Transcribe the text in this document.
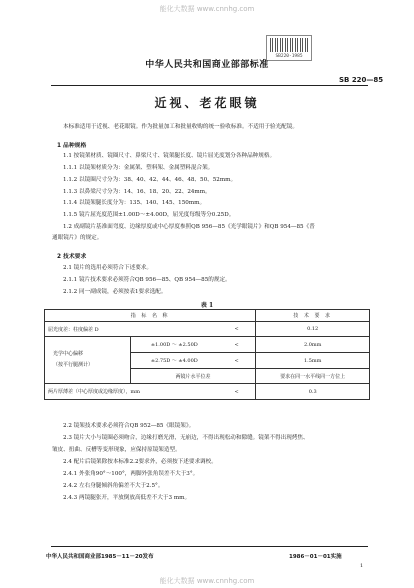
能化大数据 www.cnnhg.com
能化大数据 www.cnnhg.com
SB220-1985
中华人民共和国商业部部标准
SB 220—85
近视、老花眼镜
本标准适用于近视、老花眼镜。作为批量加工和批量收购的统一验收标准。不适用于验光配镜。
1 品种规格
1.1 按镜架材质、镜圈尺寸、鼻梁尺寸、镜架腿长度、镜片屈光度划分各种品种规格。
1.1.1 以镜架材质分为：金属架、塑料架、金属塑料混合架。
1.1.2 以镜圈尺寸分为：38、40、42、44、46、48、50、52mm。
1.1.3 以鼻梁尺寸分为：14、16、18、20、22、24mm。
1.1.4 以镜架腿长度分为：135、140、145、150mm。
1.1.5 镜片屈光度范围±1.00D～±4.00D，屈光度每级等分0.25D。
1.2 成副镜片基准面弯度、边缘厚度或中心厚度参照QB 956—85《光学眼镜片》和QB 954—85《普
通眼镜片》的规定。
2 技术要求
2.1 镜片的选用必须符合下述要求。
2.1.1 镜片技术要求必须符合QB 956—85、QB 954—85的规定。
2.1.2 同一副成镜，必须按表1要求选配。
表 1
指 标 名 称			技 术 要 求
屈光度差：柱度偏差 D		<	0.12
光学中心偏移
（按平行腿测计）	±1.00D ～ ±2.50D	<	2.0mm
	±2.75D ～ ±4.00D	<	1.5mm
	两镜片水平位差		要求在同一水平线同一方位上
两片厚薄差（中心厚度或边缘厚度），mm		<	0.3
2.2 镜架技术要求必须符合QB 952—85《眼镜架》。
2.3 镜片大小与镜圈必须吻合，边缘打磨光滑，无崩边，不得出现松动和隙缝。镜架不得出现烤焦、
皱皮、扭曲、反槽等变形现象，应保持原镜架造型。
2.4 配片后镜架除按本标准2.2要求外，必须按下述要求调校。
2.4.1 外张角90°～100°，两脚外张角误差不大于3°。
2.4.2 左右身腿倾斜角偏差不大于2.5°。
2.4.3 两镜腿张开，平放倒放高低差不大于3 mm。
中华人民共和国商业部1985－11－20发布	1986－01－01实施
1
